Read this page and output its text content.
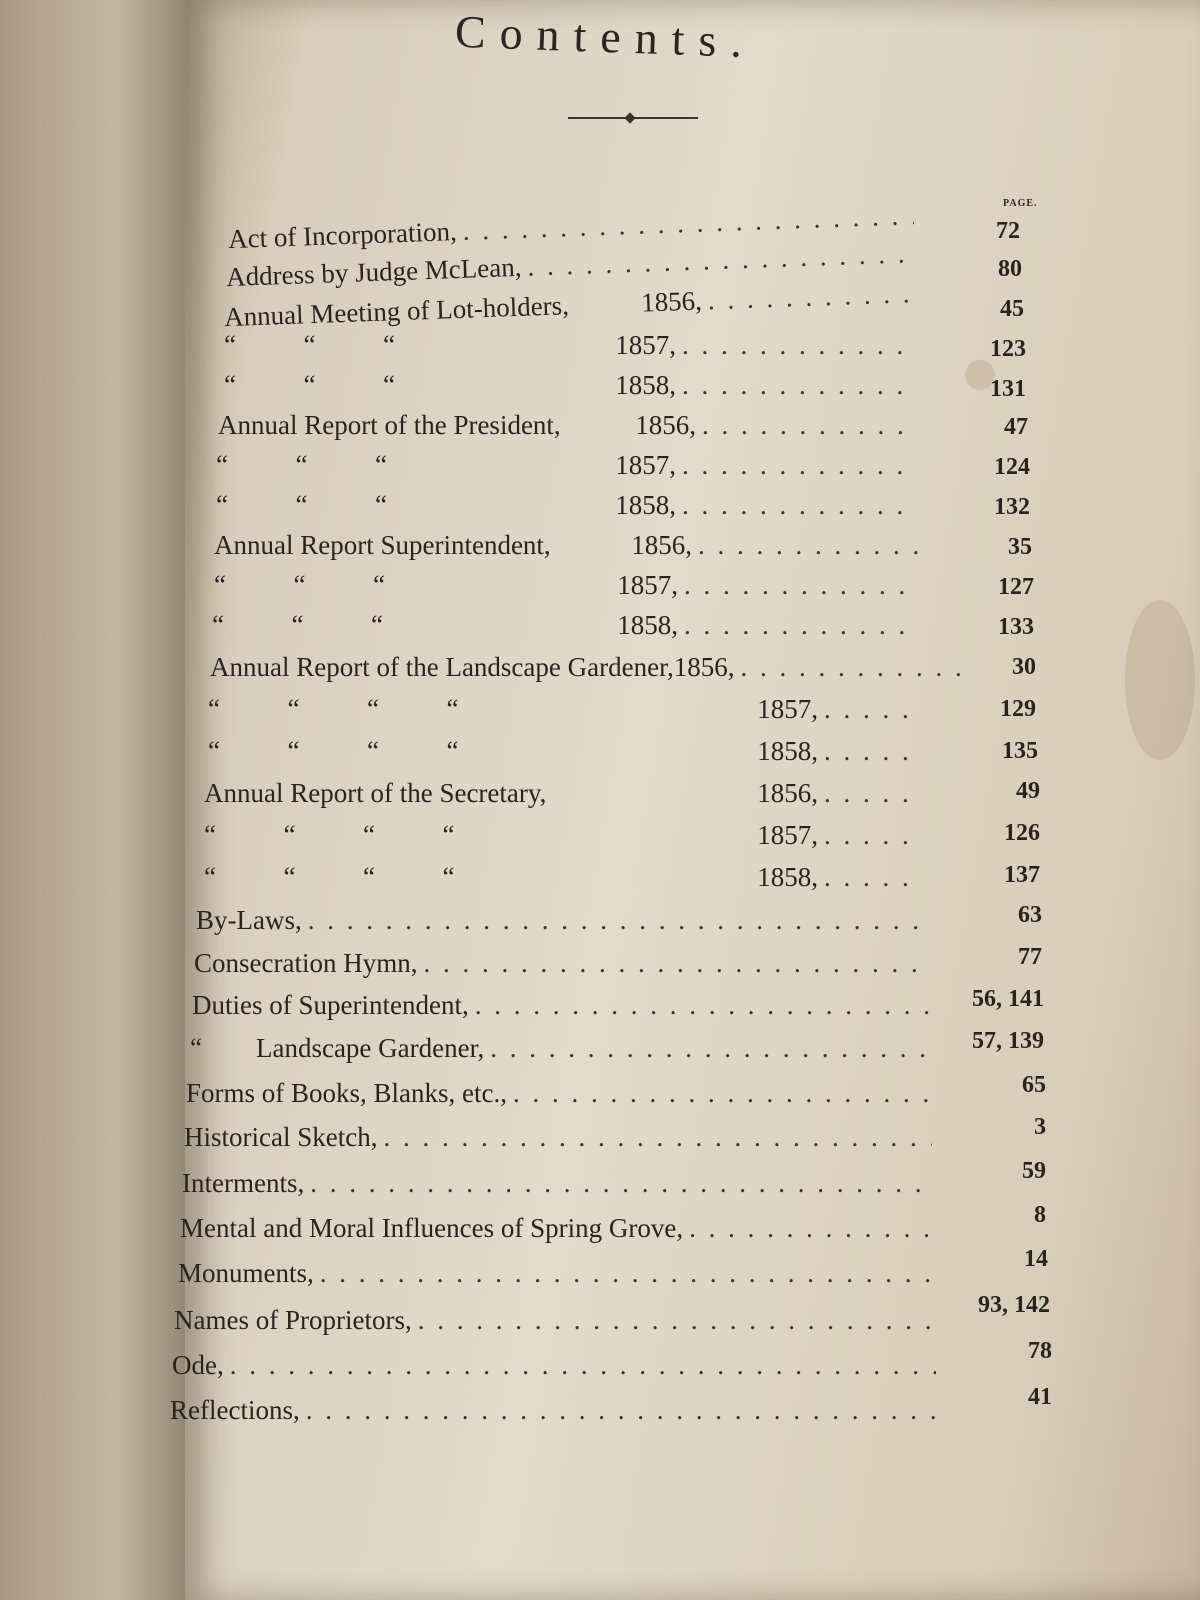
Contents.
PAGE.
Act of Incorporation, . . .	72
Address by Judge McLean, . . .	80
Annual Meeting of Lot-holders,	1856, . . .	45
“          “          “	1857, . . .	123
“          “          “	1858, . . .	131
Annual Report of the President,	1856, . . .	47
“          “          “	1857, . . .	124
“          “          “	1858, . . .	132
Annual Report Superintendent,	1856, . . .	35
“          “          “	1857, . . .	127
“          “          “	1858, . . .	133
Annual Report of the Landscape Gardener, 1856, . . .	30
“          “          “          “	1857, . . .	129
“          “          “          “	1858, . . .	135
Annual Report of the Secretary,	1856, . . .	49
“          “          “          “	1857, . . .	126
“          “          “          “	1858, . . .	137
By-Laws, . . .	63
Consecration Hymn, . . .	77
Duties of Superintendent, . . .	56, 141
“        Landscape Gardener, . . .	57, 139
Forms of Books, Blanks, etc., . . .	65
Historical Sketch, . . .	3
Interments, . . .	59
Mental and Moral Influences of Spring Grove, . . .	8
Monuments, . . .	14
Names of Proprietors, . . .	93, 142
Ode, . . .	78
Reflections, . . .	41
